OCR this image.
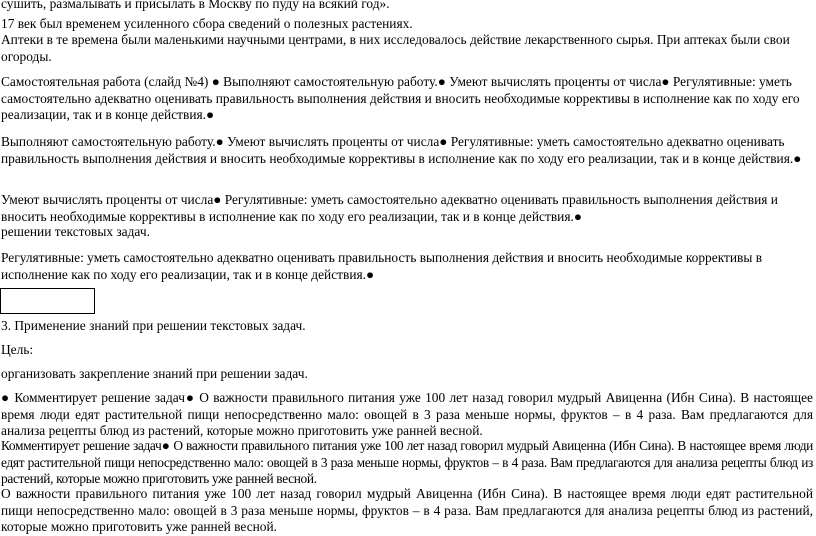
сушить, размалывать и присылать в Москву по пуду на всякий год».

17 век был временем усиленного сбора сведений о полезных растениях.

Аптеки в те времена были маленькими научными центрами, в них исследовалось действие лекарственного сырья. При аптеках были свои огороды.

Самостоятельная работа (слайд №4) ● Выполняют самостоятельную работу.● Умеют вычислять проценты от числа● Регулятивные: уметь самостоятельно адекватно оценивать правильность выполнения действия и вносить необходимые коррективы в исполнение как по ходу его реализации, так и в конце действия.●

Выполняют самостоятельную работу.● Умеют вычислять проценты от числа● Регулятивные: уметь самостоятельно адекватно оценивать правильность выполнения действия и вносить необходимые коррективы в исполнение как по ходу его реализации, так и в конце действия.●

Умеют вычислять проценты от числа● Регулятивные: уметь самостоятельно адекватно оценивать правильность выполнения действия и вносить необходимые коррективы в исполнение как по ходу его реализации, так и в конце действия.●

решении текстовых задач.

Регулятивные: уметь самостоятельно адекватно оценивать правильность выполнения действия и вносить необходимые коррективы в исполнение как по ходу его реализации, так и в конце действия.●

3. Применение знаний при решении текстовых задач.

Цель:

организовать закрепление знаний при решении задач.

● Комментирует решение задач● О важности правильного питания уже 100 лет назад говорил мудрый Авиценна (Ибн Сина). В настоящее время люди едят растительной пищи непосредственно мало: овощей в 3 раза меньше нормы, фруктов – в 4 раза. Вам предлагаются для анализа рецепты блюд из растений, которые можно приготовить уже ранней весной.

Комментирует решение задач● О важности правильного питания уже 100 лет назад говорил мудрый Авиценна (Ибн Сина). В настоящее время люди едят растительной пищи непосредственно мало: овощей в 3 раза меньше нормы, фруктов – в 4 раза. Вам предлагаются для анализа рецепты блюд из растений, которые можно приготовить уже ранней весной.

О важности правильного питания уже 100 лет назад говорил мудрый Авиценна (Ибн Сина). В настоящее время люди едят растительной пищи непосредственно мало: овощей в 3 раза меньше нормы, фруктов – в 4 раза. Вам предлагаются для анализа рецепты блюд из растений, которые можно приготовить уже ранней весной.
